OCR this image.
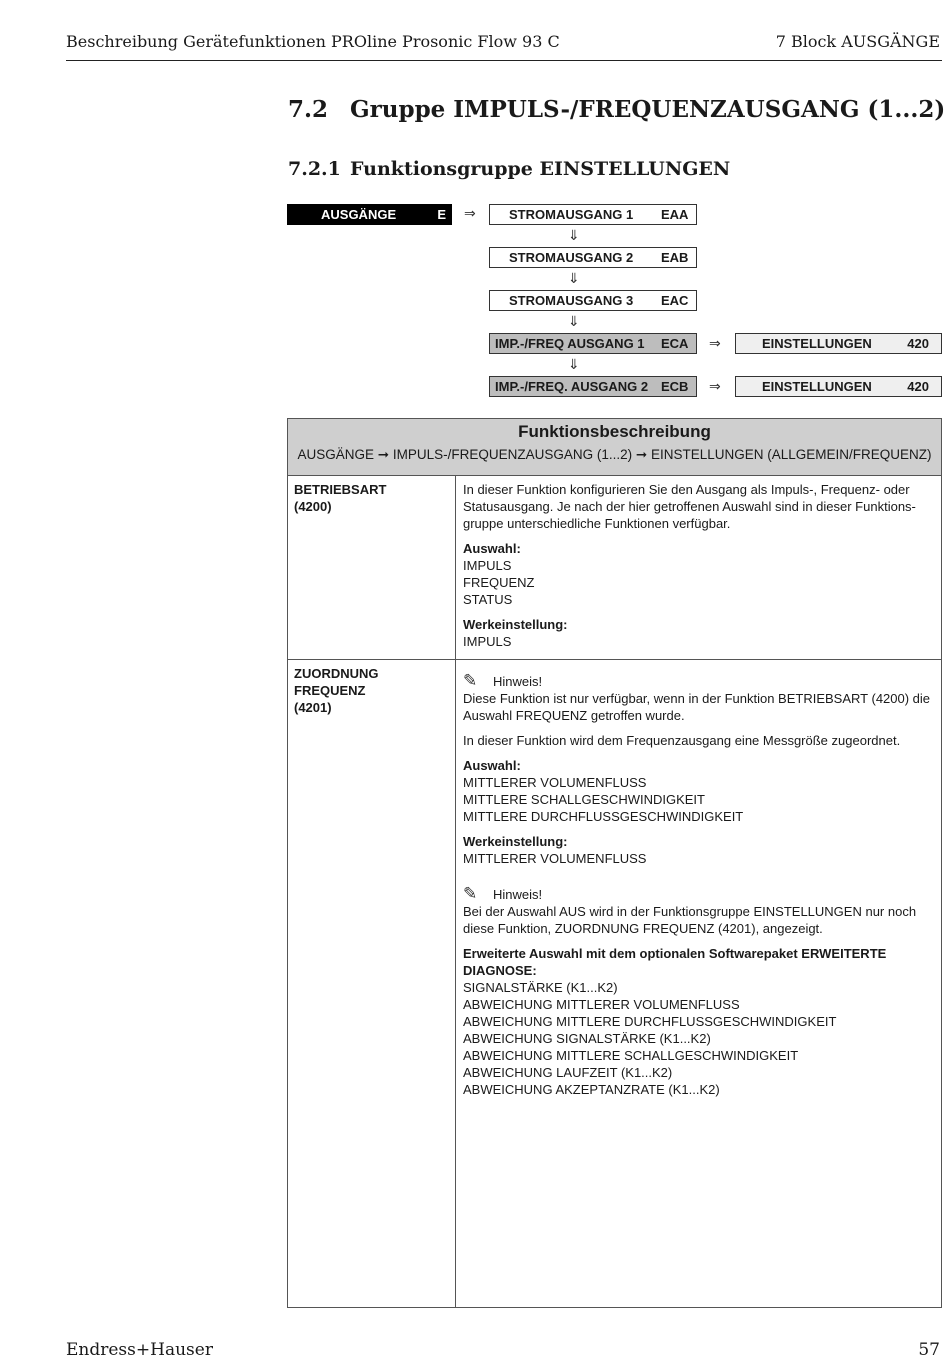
Beschreibung Gerätefunktionen PROline Prosonic Flow 93 C	7 Block AUSGÄNGE
7.2 Gruppe IMPULS-/FREQUENZAUSGANG (1...2)
7.2.1 Funktionsgruppe EINSTELLUNGEN
AUSGÄNGE	E ⇒	STROMAUSGANG 1 EAA
⇓
STROMAUSGANG 2 EAB
⇓
STROMAUSGANG 3 EAC
⇓
IMP.-/FREQ AUSGANG 1 ECA ⇒	EINSTELLUNGEN	420
⇓
IMP.-/FREQ. AUSGANG 2 ECB ⇒	EINSTELLUNGEN	420
Funktionsbeschreibung
AUSGÄNGE ➞ IMPULS-/FREQUENZAUSGANG (1...2) ➞ EINSTELLUNGEN (ALLGEMEIN/FREQUENZ)
BETRIEBSART
(4200)

In dieser Funktion konfigurieren Sie den Ausgang als Impuls-, Frequenz- oder Statusausgang. Je nach der hier getroffenen Auswahl sind in dieser Funktionsgruppe unterschiedliche Funktionen verfügbar.

Auswahl:
IMPULS
FREQUENZ
STATUS
Werkeinstellung:
IMPULS
ZUORDNUNG
FREQUENZ
(4201)
✎ Hinweis!

Diese Funktion ist nur verfügbar, wenn in der Funktion BETRIEBSART (4200) die Auswahl FREQUENZ getroffen wurde.

In dieser Funktion wird dem Frequenzausgang eine Messgröße zugeordnet.

Auswahl:
MITTLERER VOLUMENFLUSS
MITTLERE SCHALLGESCHWINDIGKEIT
MITTLERE DURCHFLUSSGESCHWINDIGKEIT
Werkeinstellung:
MITTLERER VOLUMENFLUSS
✎ Hinweis!

Bei der Auswahl AUS wird in der Funktionsgruppe EINSTELLUNGEN nur noch diese Funktion, ZUORDNUNG FREQUENZ (4201), angezeigt.

Erweiterte Auswahl mit dem optionalen Softwarepaket ERWEITERTE DIAGNOSE:
SIGNALSTÄRKE (K1...K2)
ABWEICHUNG MITTLERER VOLUMENFLUSS
ABWEICHUNG MITTLERE DURCHFLUSSGESCHWINDIGKEIT
ABWEICHUNG SIGNALSTÄRKE (K1...K2)
ABWEICHUNG MITTLERE SCHALLGESCHWINDIGKEIT
ABWEICHUNG LAUFZEIT (K1...K2)
ABWEICHUNG AKZEPTANZRATE (K1...K2)
Endress+Hauser	57
